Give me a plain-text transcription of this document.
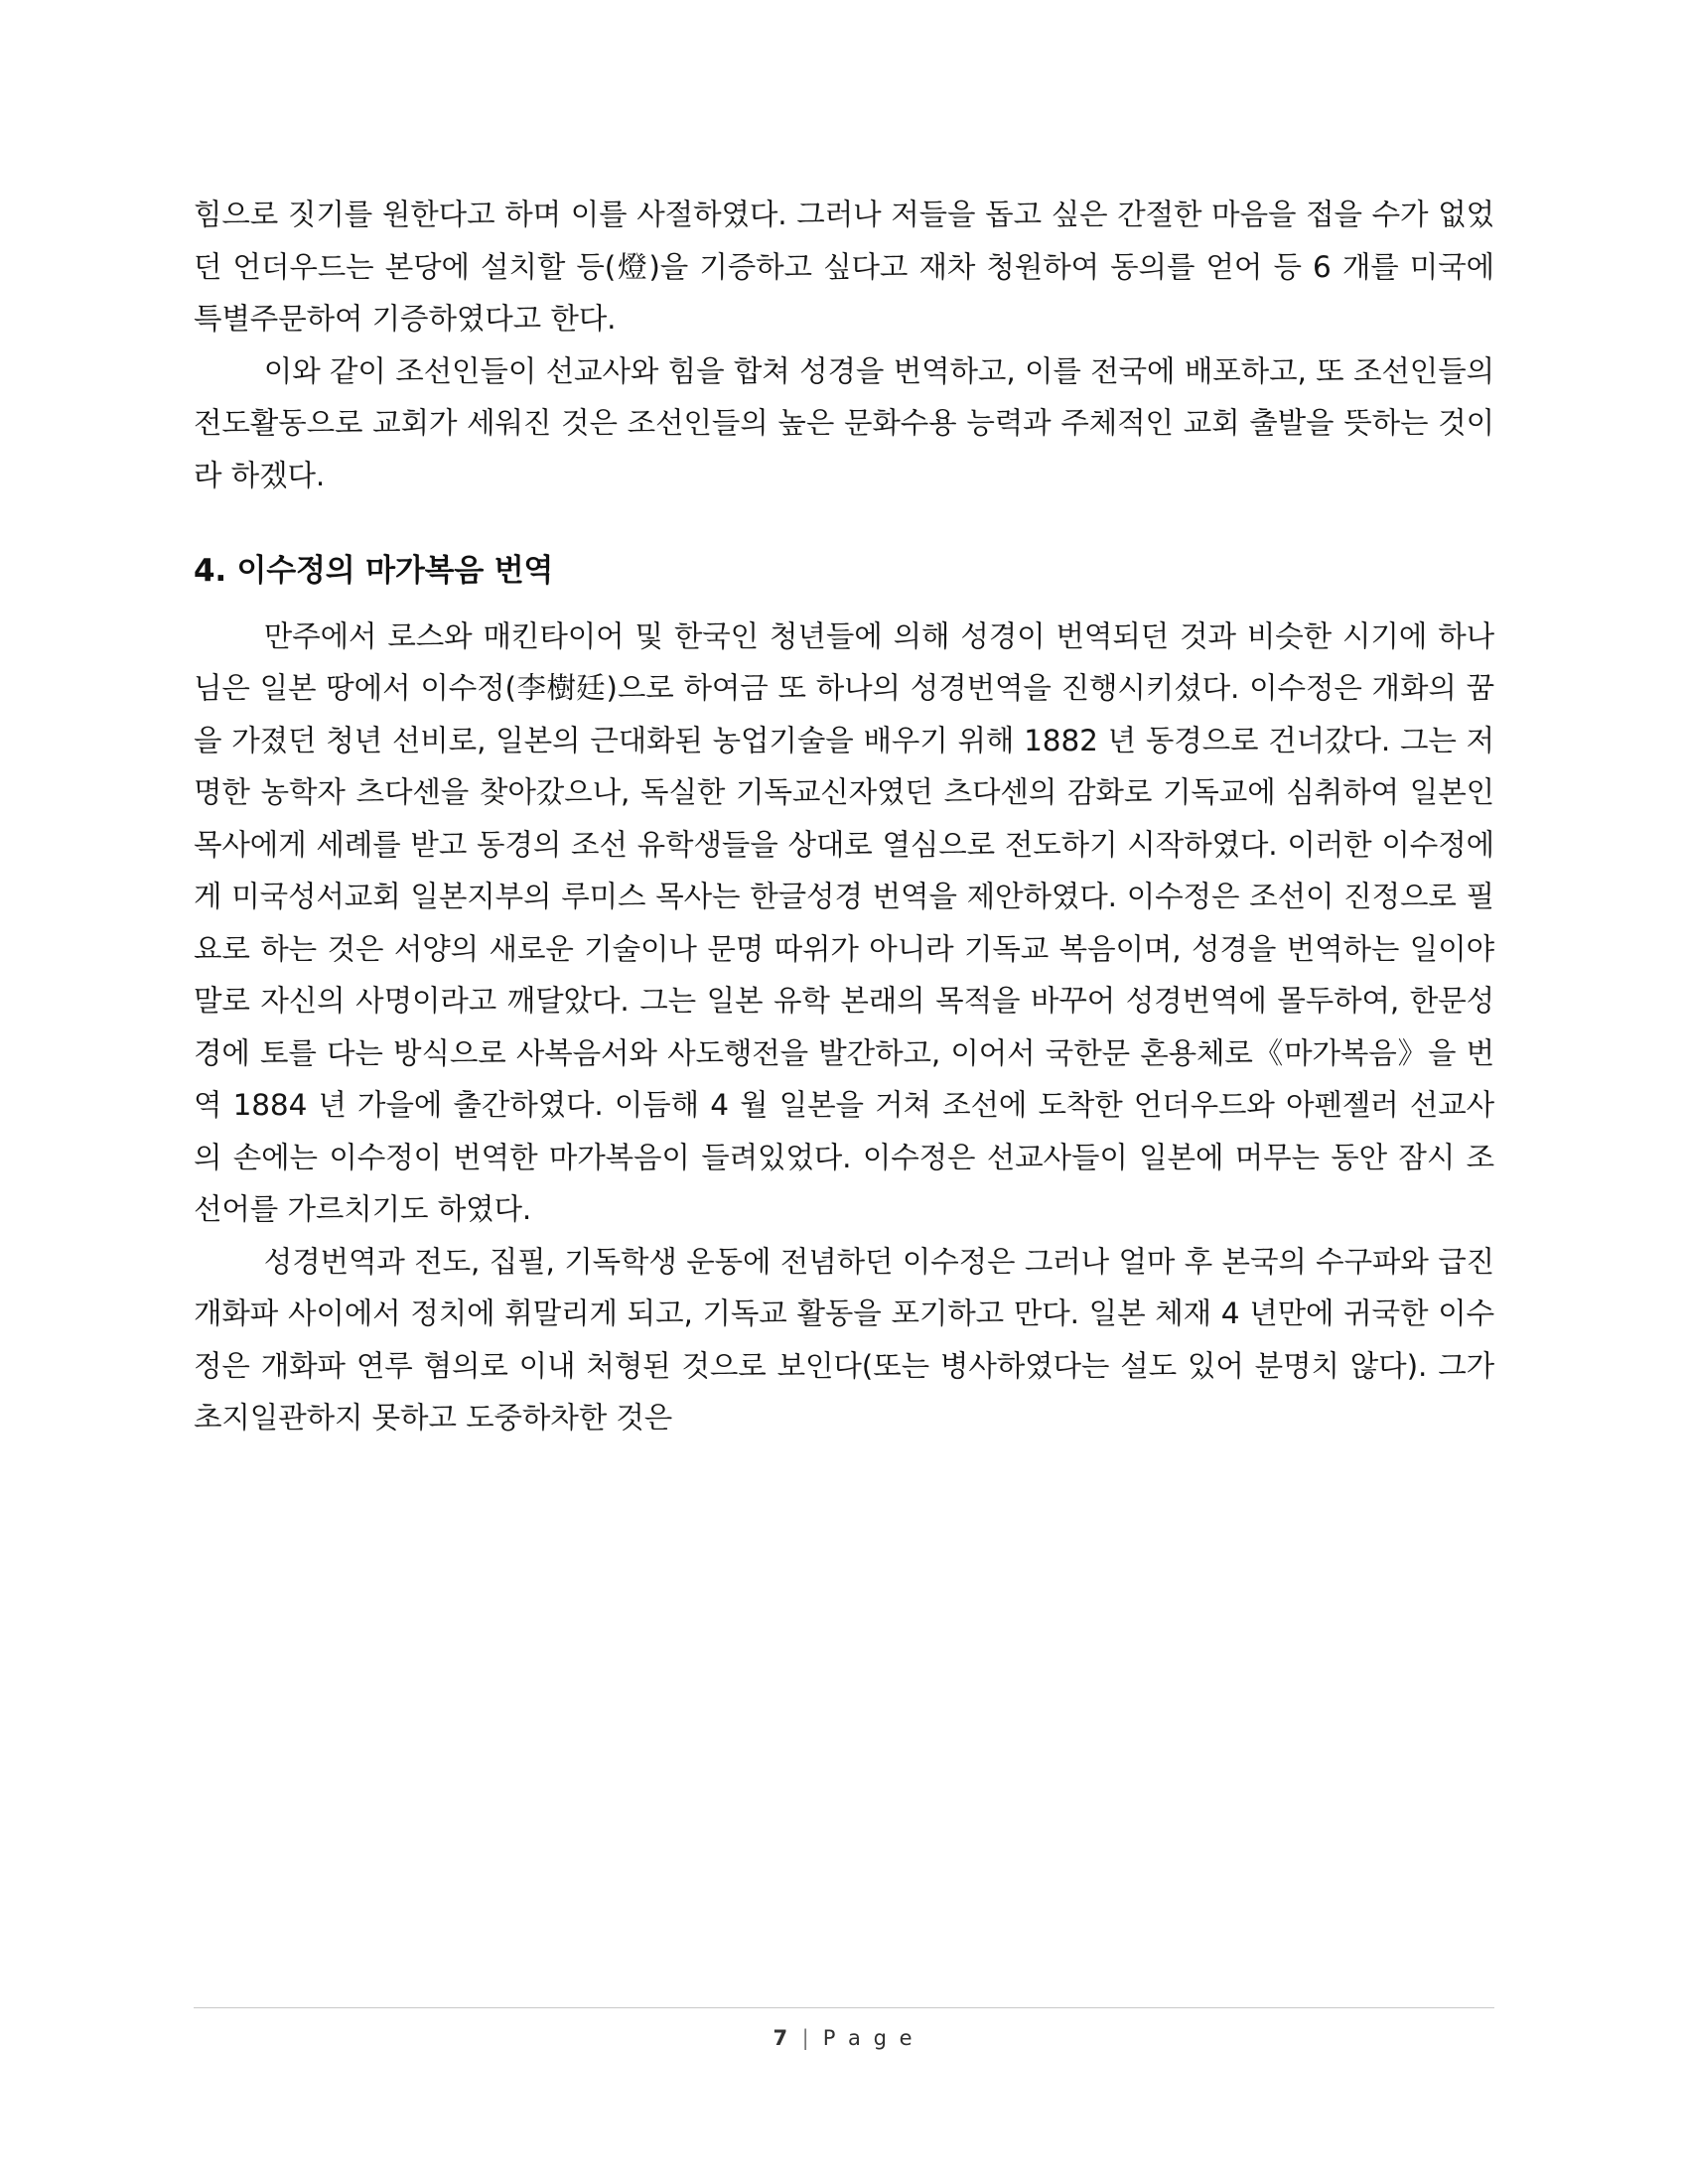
힘으로 짓기를 원한다고 하며 이를 사절하였다. 그러나 저들을 돕고 싶은 간절한 마음을 접을 수가 없었던 언더우드는 본당에 설치할 등(燈)을 기증하고 싶다고 재차 청원하여 동의를 얻어 등 6 개를 미국에 특별주문하여 기증하였다고 한다.

이와 같이 조선인들이 선교사와 힘을 합쳐 성경을 번역하고, 이를 전국에 배포하고, 또 조선인들의 전도활동으로 교회가 세워진 것은 조선인들의 높은 문화수용 능력과 주체적인 교회 출발을 뜻하는 것이라 하겠다.

4. 이수정의 마가복음 번역

만주에서 로스와 매킨타이어 및 한국인 청년들에 의해 성경이 번역되던 것과 비슷한 시기에 하나님은 일본 땅에서 이수정(李樹廷)으로 하여금 또 하나의 성경번역을 진행시키셨다. 이수정은 개화의 꿈을 가졌던 청년 선비로, 일본의 근대화된 농업기술을 배우기 위해 1882 년 동경으로 건너갔다. 그는 저명한 농학자 츠다센을 찾아갔으나, 독실한 기독교신자였던 츠다센의 감화로 기독교에 심취하여 일본인 목사에게 세례를 받고 동경의 조선 유학생들을 상대로 열심으로 전도하기 시작하였다. 이러한 이수정에게 미국성서교회 일본지부의 루미스 목사는 한글성경 번역을 제안하였다. 이수정은 조선이 진정으로 필요로 하는 것은 서양의 새로운 기술이나 문명 따위가 아니라 기독교 복음이며, 성경을 번역하는 일이야말로 자신의 사명이라고 깨달았다. 그는 일본 유학 본래의 목적을 바꾸어 성경번역에 몰두하여, 한문성경에 토를 다는 방식으로 사복음서와 사도행전을 발간하고, 이어서 국한문 혼용체로《마가복음》을 번역 1884 년 가을에 출간하였다. 이듬해 4 월 일본을 거쳐 조선에 도착한 언더우드와 아펜젤러 선교사의 손에는 이수정이 번역한 마가복음이 들려있었다. 이수정은 선교사들이 일본에 머무는 동안 잠시 조선어를 가르치기도 하였다.

성경번역과 전도, 집필, 기독학생 운동에 전념하던 이수정은 그러나 얼마 후 본국의 수구파와 급진개화파 사이에서 정치에 휘말리게 되고, 기독교 활동을 포기하고 만다. 일본 체재 4 년만에 귀국한 이수정은 개화파 연루 혐의로 이내 처형된 것으로 보인다(또는 병사하였다는 설도 있어 분명치 않다). 그가 초지일관하지 못하고 도중하차한 것은

7 | P a g e
